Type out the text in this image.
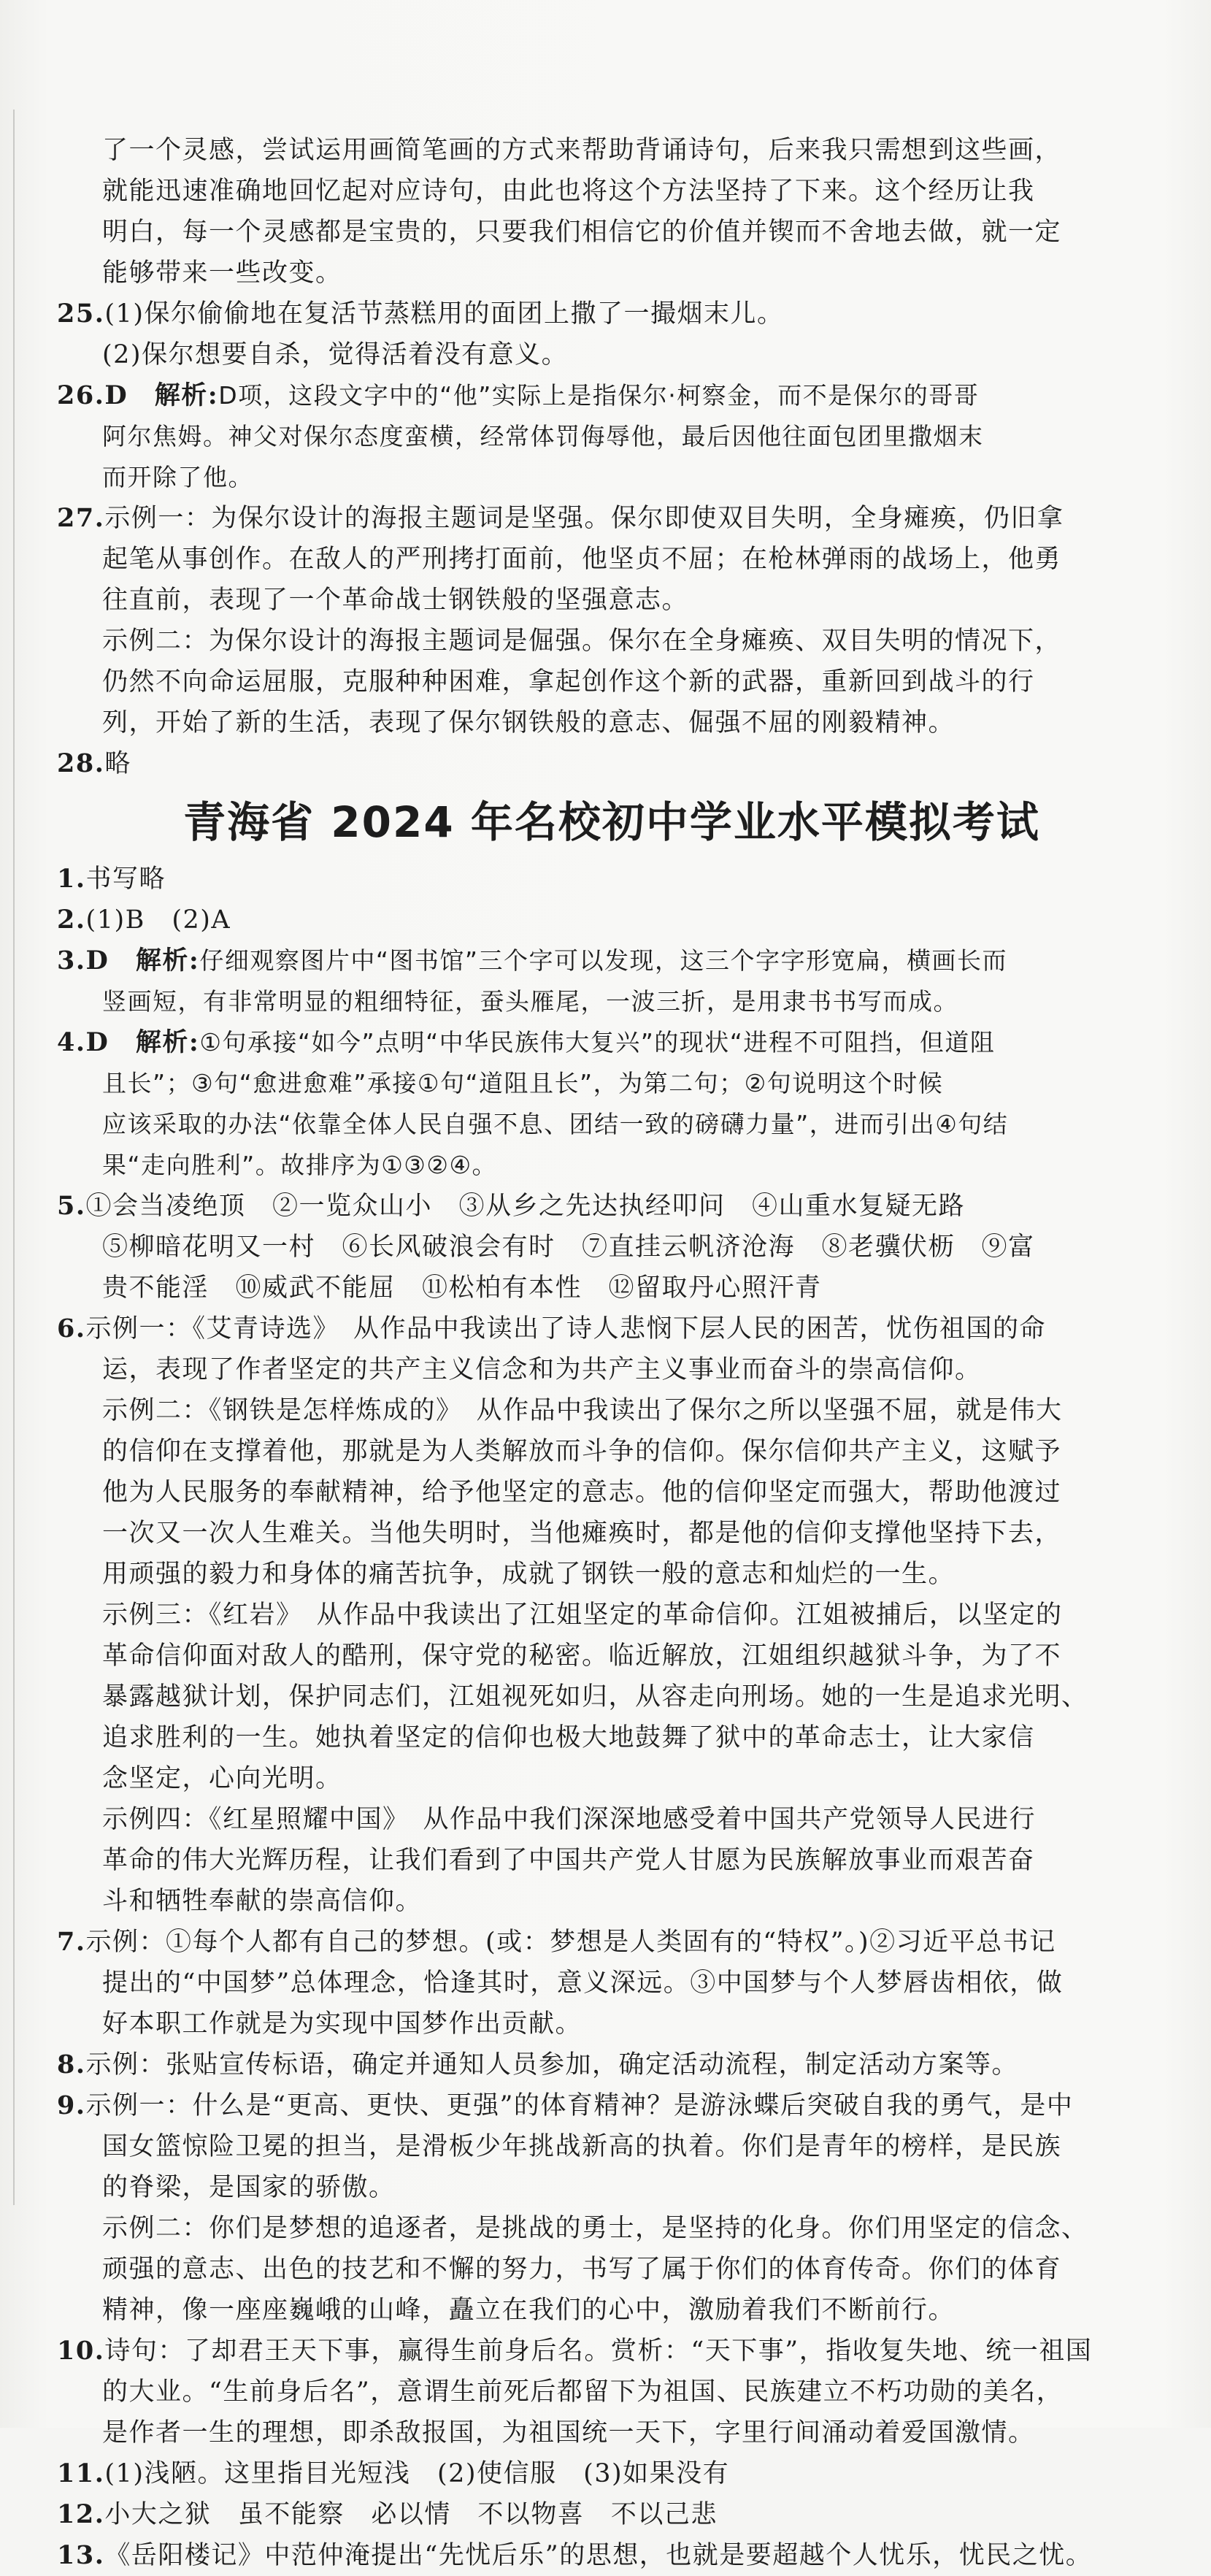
了一个灵感，尝试运用画简笔画的方式来帮助背诵诗句，后来我只需想到这些画，
就能迅速准确地回忆起对应诗句，由此也将这个方法坚持了下来。这个经历让我
明白，每一个灵感都是宝贵的，只要我们相信它的价值并锲而不舍地去做，就一定
能够带来一些改变。
25.(1)保尔偷偷地在复活节蒸糕用的面团上撒了一撮烟末儿。
(2)保尔想要自杀，觉得活着没有意义。
26.D　解析:D项，这段文字中的“他”实际上是指保尔·柯察金，而不是保尔的哥哥
阿尔焦姆。神父对保尔态度蛮横，经常体罚侮辱他，最后因他往面包团里撒烟末
而开除了他。
27.示例一：为保尔设计的海报主题词是坚强。保尔即使双目失明，全身瘫痪，仍旧拿
起笔从事创作。在敌人的严刑拷打面前，他坚贞不屈；在枪林弹雨的战场上，他勇
往直前，表现了一个革命战士钢铁般的坚强意志。
示例二：为保尔设计的海报主题词是倔强。保尔在全身瘫痪、双目失明的情况下，
仍然不向命运屈服，克服种种困难，拿起创作这个新的武器，重新回到战斗的行
列，开始了新的生活，表现了保尔钢铁般的意志、倔强不屈的刚毅精神。
28.略
青海省 2024 年名校初中学业水平模拟考试
1.书写略
2.(1)B　(2)A
3.D　解析:仔细观察图片中“图书馆”三个字可以发现，这三个字字形宽扁，横画长而
竖画短，有非常明显的粗细特征，蚕头雁尾，一波三折，是用隶书书写而成。
4.D　解析:①句承接“如今”点明“中华民族伟大复兴”的现状“进程不可阻挡，但道阻
且长”；③句“愈进愈难”承接①句“道阻且长”，为第二句；②句说明这个时候
应该采取的办法“依靠全体人民自强不息、团结一致的磅礴力量”，进而引出④句结
果“走向胜利”。故排序为①③②④。
5.①会当凌绝顶　②一览众山小　③从乡之先达执经叩问　④山重水复疑无路
⑤柳暗花明又一村　⑥长风破浪会有时　⑦直挂云帆济沧海　⑧老骥伏枥　⑨富
贵不能淫　⑩威武不能屈　⑪松柏有本性　⑫留取丹心照汗青
6.示例一：《艾青诗选》　从作品中我读出了诗人悲悯下层人民的困苦，忧伤祖国的命
运，表现了作者坚定的共产主义信念和为共产主义事业而奋斗的崇高信仰。
示例二：《钢铁是怎样炼成的》　从作品中我读出了保尔之所以坚强不屈，就是伟大
的信仰在支撑着他，那就是为人类解放而斗争的信仰。保尔信仰共产主义，这赋予
他为人民服务的奉献精神，给予他坚定的意志。他的信仰坚定而强大，帮助他渡过
一次又一次人生难关。当他失明时，当他瘫痪时，都是他的信仰支撑他坚持下去，
用顽强的毅力和身体的痛苦抗争，成就了钢铁一般的意志和灿烂的一生。
示例三：《红岩》　从作品中我读出了江姐坚定的革命信仰。江姐被捕后，以坚定的
革命信仰面对敌人的酷刑，保守党的秘密。临近解放，江姐组织越狱斗争，为了不
暴露越狱计划，保护同志们，江姐视死如归，从容走向刑场。她的一生是追求光明、
追求胜利的一生。她执着坚定的信仰也极大地鼓舞了狱中的革命志士，让大家信
念坚定，心向光明。
示例四：《红星照耀中国》　从作品中我们深深地感受着中国共产党领导人民进行
革命的伟大光辉历程，让我们看到了中国共产党人甘愿为民族解放事业而艰苦奋
斗和牺牲奉献的崇高信仰。
7.示例：①每个人都有自己的梦想。(或：梦想是人类固有的“特权”。)②习近平总书记
提出的“中国梦”总体理念，恰逢其时，意义深远。③中国梦与个人梦唇齿相依，做
好本职工作就是为实现中国梦作出贡献。
8.示例：张贴宣传标语，确定并通知人员参加，确定活动流程，制定活动方案等。
9.示例一：什么是“更高、更快、更强”的体育精神？是游泳蝶后突破自我的勇气，是中
国女篮惊险卫冕的担当，是滑板少年挑战新高的执着。你们是青年的榜样，是民族
的脊梁，是国家的骄傲。
示例二：你们是梦想的追逐者，是挑战的勇士，是坚持的化身。你们用坚定的信念、
顽强的意志、出色的技艺和不懈的努力，书写了属于你们的体育传奇。你们的体育
精神，像一座座巍峨的山峰，矗立在我们的心中，激励着我们不断前行。
10.诗句：了却君王天下事，赢得生前身后名。赏析：“天下事”，指收复失地、统一祖国
的大业。“生前身后名”，意谓生前死后都留下为祖国、民族建立不朽功勋的美名，
是作者一生的理想，即杀敌报国，为祖国统一天下，字里行间涌动着爱国激情。
11.(1)浅陋。这里指目光短浅　(2)使信服　(3)如果没有
12.小大之狱　虽不能察　必以情　不以物喜　不以己悲
13.《岳阳楼记》中范仲淹提出“先忧后乐”的思想，也就是要超越个人忧乐，忧民之忧。
